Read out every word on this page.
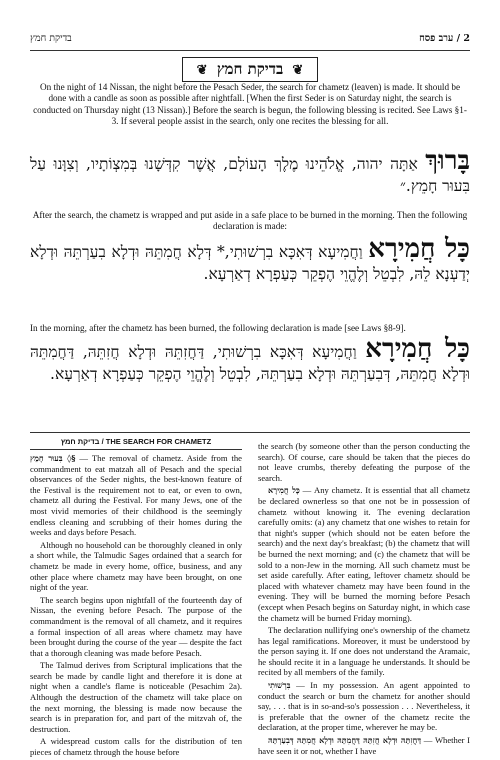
בדיקת חמץ	2 / ערב פסח
❦ בדיקת חמץ ❦
On the night of 14 Nissan, the night before the Pesach Seder, the search for chametz (leaven) is made. It should be done with a candle as soon as possible after nightfall. [When the first Seder is on Saturday night, the search is conducted on Thursday night (13 Nissan).] Before the search is begun, the following blessing is recited. See Laws §1-3. If several people assist in the search, only one recites the blessing for all.
בָּרוּךְ אַתָּה יהוה, אֱלֹהֵינוּ מֶלֶךְ הָעוֹלָם, אֲשֶׁר קִדְּשָׁנוּ בְּמִצְוֹתָיו, וְצִוָּנוּ עַל בִּעוּר חָמֵץ.״
After the search, the chametz is wrapped and put aside in a safe place to be burned in the morning. Then the following declaration is made:
כָּל חֲמִירָא וַחֲמִיעָא דְּאִכָּא בִרְשׁוּתִי,* דְּלָא חֲמִתֵּהּ וּדְלָא בִעַרְתֵּהּ וּדְלָא יְדַעְנָא לֵהּ, לִבְטֵל וְלֶהֱוֵי הֶפְקֵר כְּעַפְרָא דְאַרְעָא.
In the morning, after the chametz has been burned, the following declaration is made [see Laws §8-9].
כָּל חֲמִירָא וַחֲמִיעָא דְּאִכָּא בִרְשׁוּתִי, דַּחֲזִתֵּהּ וּדְלָא חֲזִתֵּהּ, דַּחֲמִתֵּהּ וּדְלָא חֲמִתֵּהּ, דְּבִעַרְתֵּהּ וּדְלָא בִעַרְתֵּהּ, לִבְטֵל וְלֶהֱוֵי הֶפְקֵר כְּעַפְרָא דְאַרְעָא.
בדיקת חמץ / THE SEARCH FOR CHAMETZ

בִּעוּר חָמֵץ ◊§ — The removal of chametz. Aside from the commandment to eat matzah all of Pesach and the special observances of the Seder nights, the best-known feature of the Festival is the requirement not to eat, or even to own, chametz all during the Festival. For many Jews, one of the most vivid memories of their childhood is the seemingly endless cleaning and scrubbing of their homes during the weeks and days before Pesach.

Although no household can be thoroughly cleaned in only a short while, the Talmudic Sages ordained that a search for chametz be made in every home, office, business, and any other place where chametz may have been brought, on one night of the year.

The search begins upon nightfall of the fourteenth day of Nissan, the evening before Pesach. The purpose of the commandment is the removal of all chametz, and it requires a formal inspection of all areas where chametz may have been brought during the course of the year — despite the fact that a thorough cleaning was made before Pesach.

The Talmud derives from Scriptural implications that the search be made by candle light and therefore it is done at night when a candle's flame is noticeable (Pesachim 2a). Although the destruction of the chametz will take place on the next morning, the blessing is made now because the search is in preparation for, and part of the mitzvah of, the destruction.

A widespread custom calls for the distribution of ten pieces of chametz through the house before

the search (by someone other than the person conducting the search). Of course, care should be taken that the pieces do not leave crumbs, thereby defeating the purpose of the search.

כָּל חֲמִירָא — Any chametz. It is essential that all chametz be declared ownerless so that one not be in possession of chametz without knowing it. The evening declaration carefully omits: (a) any chametz that one wishes to retain for that night's supper (which should not be eaten before the search) and the next day's breakfast; (b) the chametz that will be burned the next morning; and (c) the chametz that will be sold to a non-Jew in the morning. All such chametz must be set aside carefully. After eating, leftover chametz should be placed with whatever chametz may have been found in the evening. They will be burned the morning before Pesach (except when Pesach begins on Saturday night, in which case the chametz will be burned Friday morning).

The declaration nullifying one's ownership of the chametz has legal ramifications. Moreover, it must be understood by the person saying it. If one does not understand the Aramaic, he should recite it in a language he understands. It should be recited by all members of the family.

בִּרְשׁוּתִי — In my possession. An agent appointed to conduct the search or burn the chametz for another should say, . . . that is in so-and-so's possession . . . Nevertheless, it is preferable that the owner of the chametz recite the declaration, at the proper time, wherever he may be.

דַּחֲזִתֵּהּ וּדְלָא חֲזִתֵּהּ דַּחֲמִתֵּהּ וּדְלָא חֲמִתֵּהּ דְּבִעַרְתֵּהּ — Whether I have seen it or not, whether I have
